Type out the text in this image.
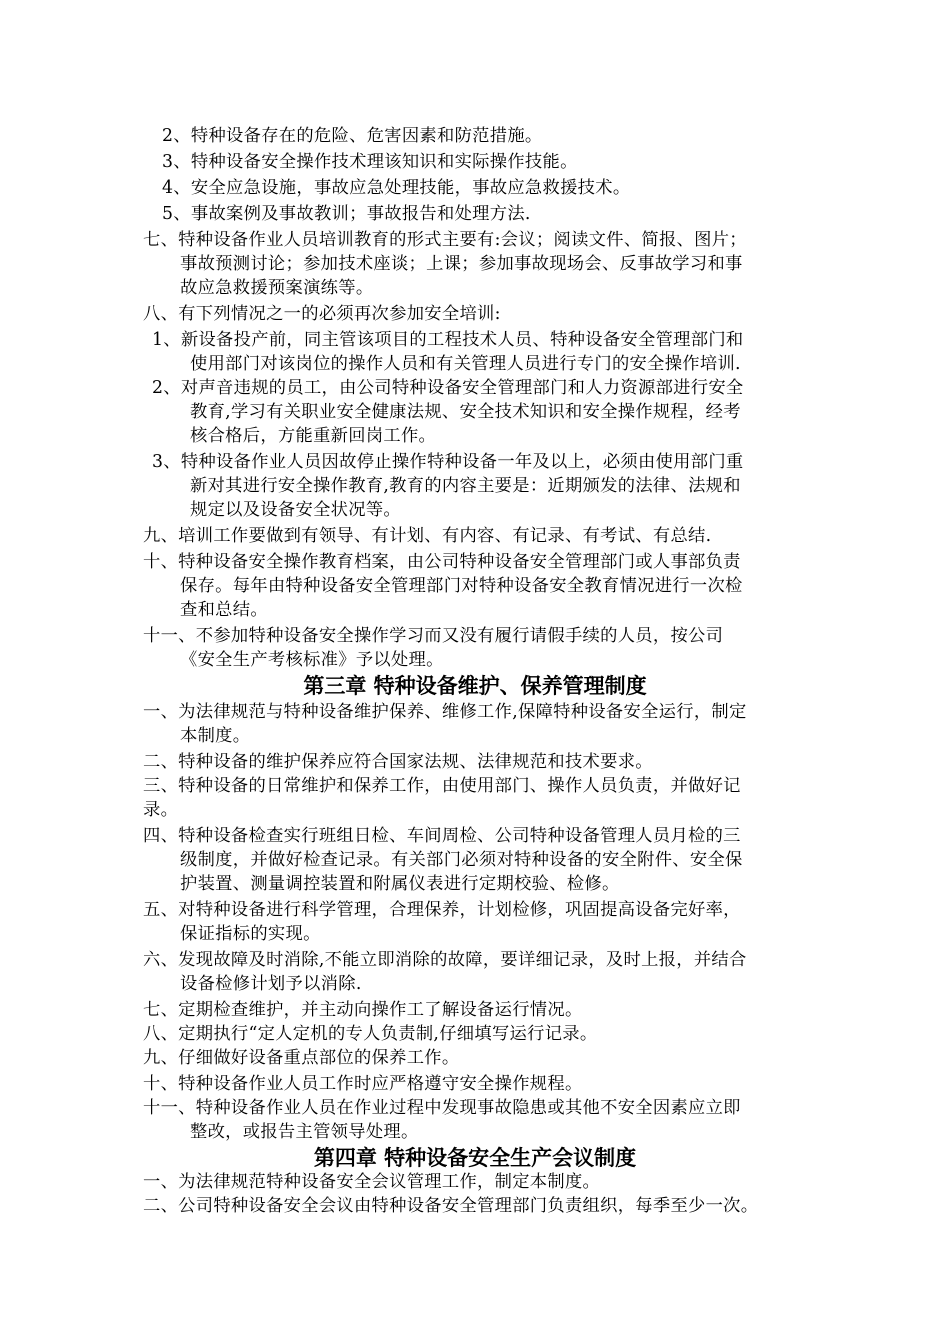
2、特种设备存在的危险、危害因素和防范措施。
3、特种设备安全操作技术理该知识和实际操作技能。
4、安全应急设施，事故应急处理技能，事故应急救援技术。
5、事故案例及事故教训；事故报告和处理方法.
七、特种设备作业人员培训教育的形式主要有:会议；阅读文件、简报、图片；
事故预测讨论；参加技术座谈；上课；参加事故现场会、反事故学习和事
故应急救援预案演练等。
八、有下列情况之一的必须再次参加安全培训:
1、新设备投产前，同主管该项目的工程技术人员、特种设备安全管理部门和
使用部门对该岗位的操作人员和有关管理人员进行专门的安全操作培训.
2、对声音违规的员工，由公司特种设备安全管理部门和人力资源部进行安全
教育,学习有关职业安全健康法规、安全技术知识和安全操作规程，经考
核合格后，方能重新回岗工作。
3、特种设备作业人员因故停止操作特种设备一年及以上，必须由使用部门重
新对其进行安全操作教育,教育的内容主要是：近期颁发的法律、法规和
规定以及设备安全状况等。
九、培训工作要做到有领导、有计划、有内容、有记录、有考试、有总结.
十、特种设备安全操作教育档案，由公司特种设备安全管理部门或人事部负责
保存。每年由特种设备安全管理部门对特种设备安全教育情况进行一次检
查和总结。
十一、不参加特种设备安全操作学习而又没有履行请假手续的人员，按公司
《安全生产考核标准》予以处理。
第三章 特种设备维护、保养管理制度
一、为法律规范与特种设备维护保养、维修工作,保障特种设备安全运行，制定
本制度。
二、特种设备的维护保养应符合国家法规、法律规范和技术要求。
三、特种设备的日常维护和保养工作，由使用部门、操作人员负责，并做好记
录。
四、特种设备检查实行班组日检、车间周检、公司特种设备管理人员月检的三
级制度，并做好检查记录。有关部门必须对特种设备的安全附件、安全保
护装置、测量调控装置和附属仪表进行定期校验、检修。
五、对特种设备进行科学管理，合理保养，计划检修，巩固提高设备完好率，
保证指标的实现。
六、发现故障及时消除,不能立即消除的故障，要详细记录，及时上报，并结合
设备检修计划予以消除.
七、定期检查维护，并主动向操作工了解设备运行情况。
八、定期执行“定人定机的专人负责制,仔细填写运行记录。
九、仔细做好设备重点部位的保养工作。
十、特种设备作业人员工作时应严格遵守安全操作规程。
十一、特种设备作业人员在作业过程中发现事故隐患或其他不安全因素应立即
整改，或报告主管领导处理。
第四章 特种设备安全生产会议制度
一、为法律规范特种设备安全会议管理工作，制定本制度。
二、公司特种设备安全会议由特种设备安全管理部门负责组织，每季至少一次。
